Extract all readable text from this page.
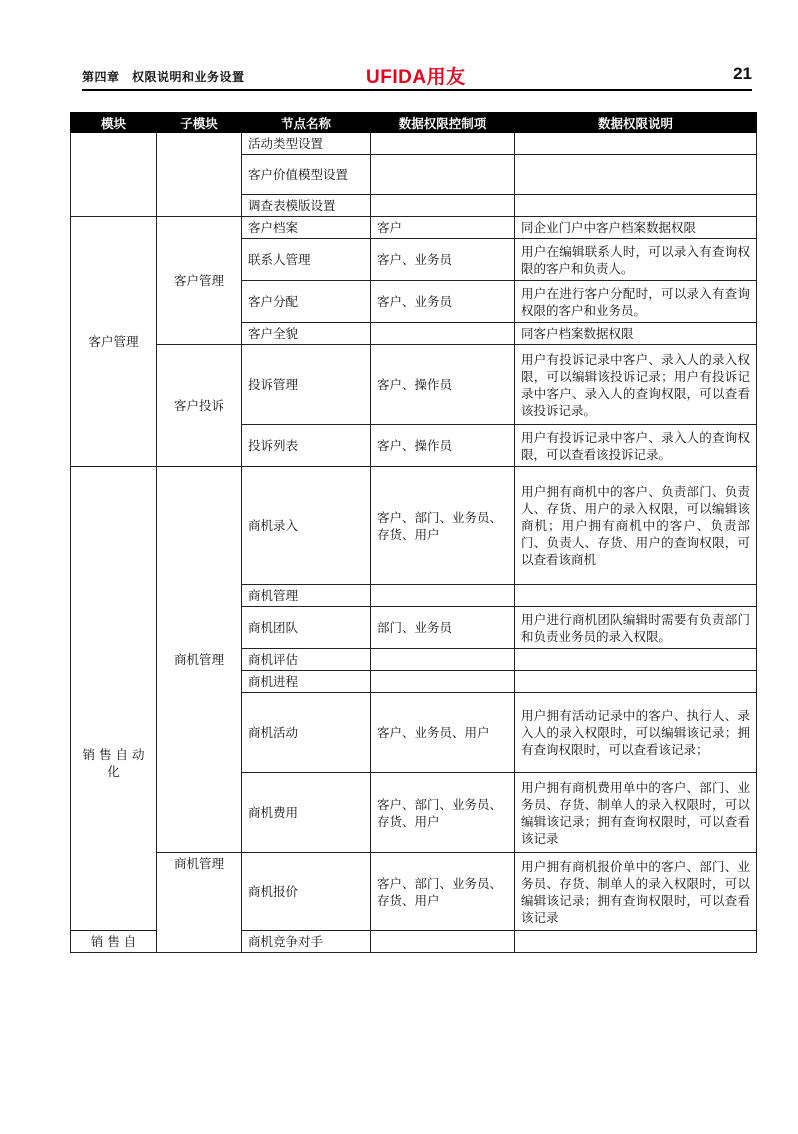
第四章　权限说明和业务设置	UFIDA用友	21
模块	子模块	节点名称	数据权限控制项	数据权限说明
		活动类型设置		
		客户价值模型设置		
		调查表模版设置		
客户管理	客户管理	客户档案	客户	同企业门户中客户档案数据权限
		联系人管理	客户、业务员	用户在编辑联系人时，可以录入有查询权限的客户和负责人。
		客户分配	客户、业务员	用户在进行客户分配时，可以录入有查询权限的客户和业务员。
		客户全貌		同客户档案数据权限
	客户投诉	投诉管理	客户、操作员	用户有投诉记录中客户、录入人的录入权限，可以编辑该投诉记录；用户有投诉记录中客户、录入人的查询权限，可以查看该投诉记录。
		投诉列表	客户、操作员	用户有投诉记录中客户、录入人的查询权限，可以查看该投诉记录。
销 售 自 动化	商机管理	商机录入	客户、部门、业务员、存货、用户	用户拥有商机中的客户、负责部门、负责人、存货、用户的录入权限，可以编辑该商机；用户拥有商机中的客户、负责部门、负责人、存货、用户的查询权限，可以查看该商机
		商机管理		
		商机团队	部门、业务员	用户进行商机团队编辑时需要有负责部门和负责业务员的录入权限。
		商机评估		
		商机进程		
		商机活动	客户、业务员、用户	用户拥有活动记录中的客户、执行人、录入人的录入权限时，可以编辑该记录；拥有查询权限时，可以查看该记录；
		商机费用	客户、部门、业务员、存货、用户	用户拥有商机费用单中的客户、部门、业务员、存货、制单人的录入权限时，可以编辑该记录；拥有查询权限时，可以查看该记录
	商机管理	商机报价	客户、部门、业务员、存货、用户	用户拥有商机报价单中的客户、部门、业务员、存货、制单人的录入权限时，可以编辑该记录；拥有查询权限时，可以查看该记录
销 售 自		商机竞争对手		
